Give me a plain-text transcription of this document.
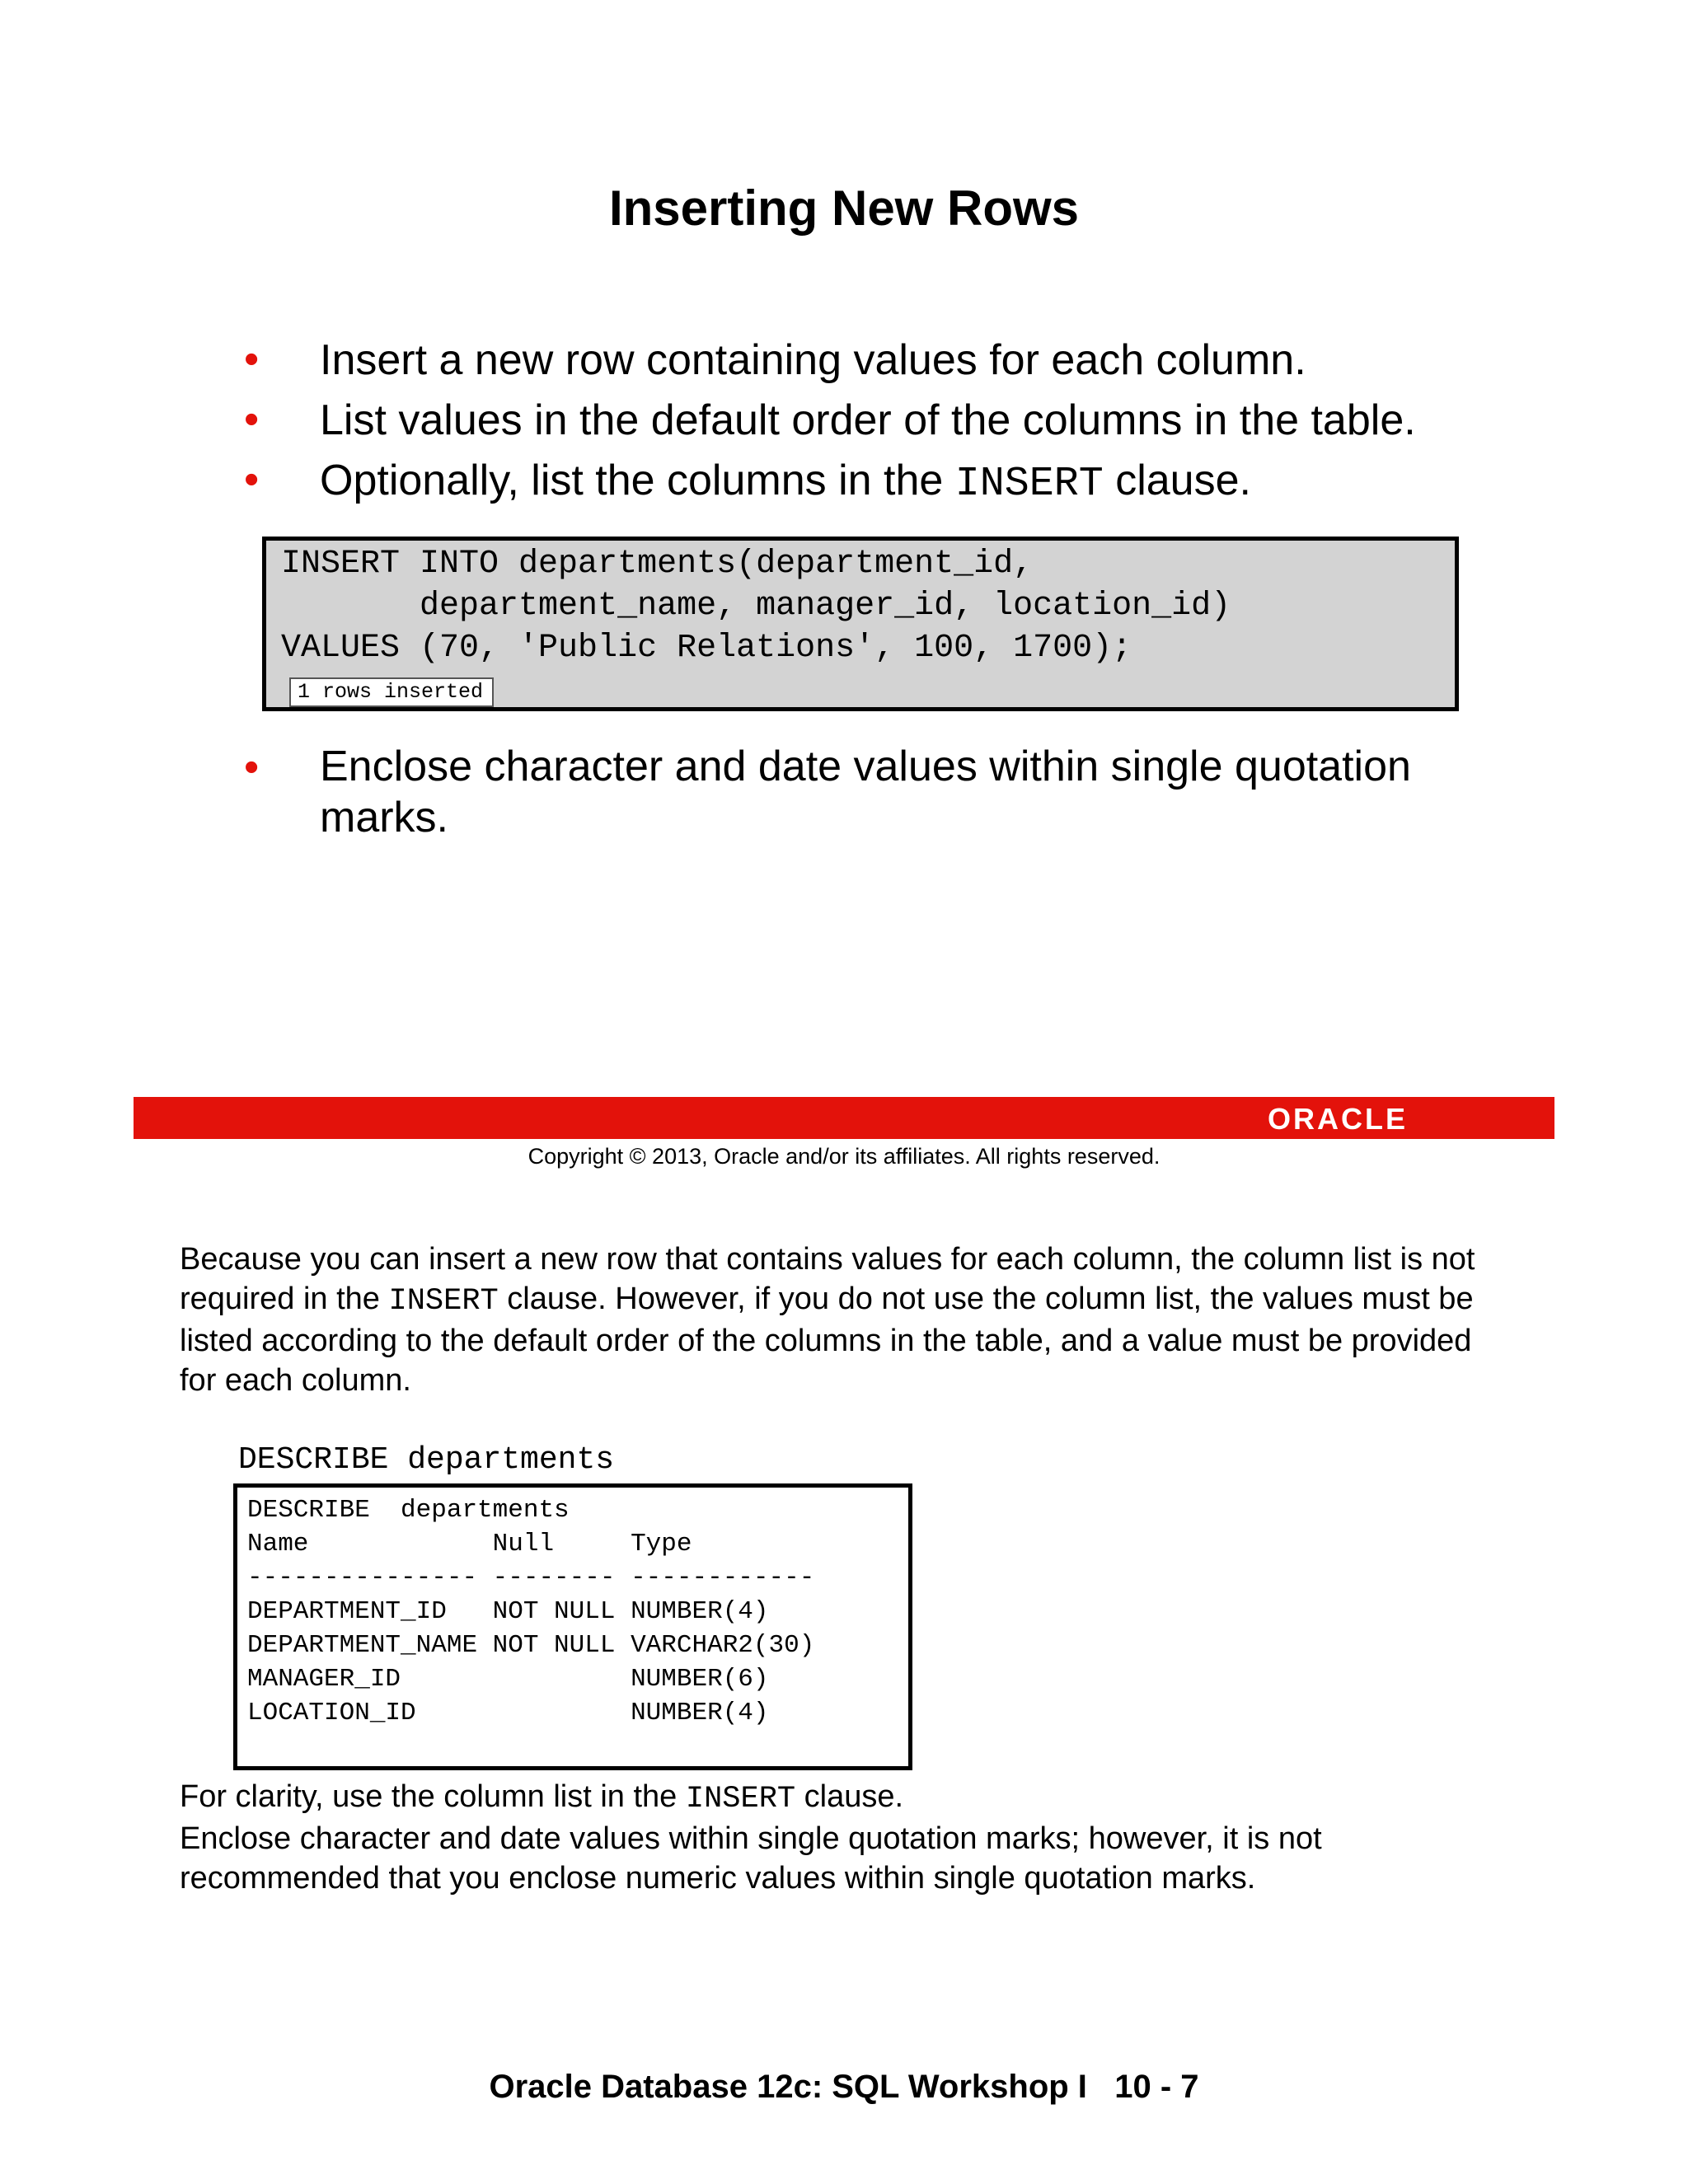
Inserting New Rows
• Insert a new row containing values for each column.
• List values in the default order of the columns in the table.
• Optionally, list the columns in the INSERT clause.
INSERT INTO departments(department_id,
department_name, manager_id, location_id)
VALUES (70, 'Public Relations', 100, 1700);
1 rows inserted
• Enclose character and date values within single quotation
marks.
ORACLE
Copyright © 2013, Oracle and/or its affiliates. All rights reserved.
Because you can insert a new row that contains values for each column, the column list is not
required in the INSERT clause. However, if you do not use the column list, the values must be
listed according to the default order of the columns in the table, and a value must be provided
for each column.
DESCRIBE departments
DESCRIBE  departments
Name            Null     Type
--------------- -------- ------------
DEPARTMENT_ID   NOT NULL NUMBER(4)
DEPARTMENT_NAME NOT NULL VARCHAR2(30)
MANAGER_ID               NUMBER(6)
LOCATION_ID              NUMBER(4)
For clarity, use the column list in the INSERT clause.
Enclose character and date values within single quotation marks; however, it is not
recommended that you enclose numeric values within single quotation marks.
Oracle Database 12c: SQL Workshop I   10 - 7
